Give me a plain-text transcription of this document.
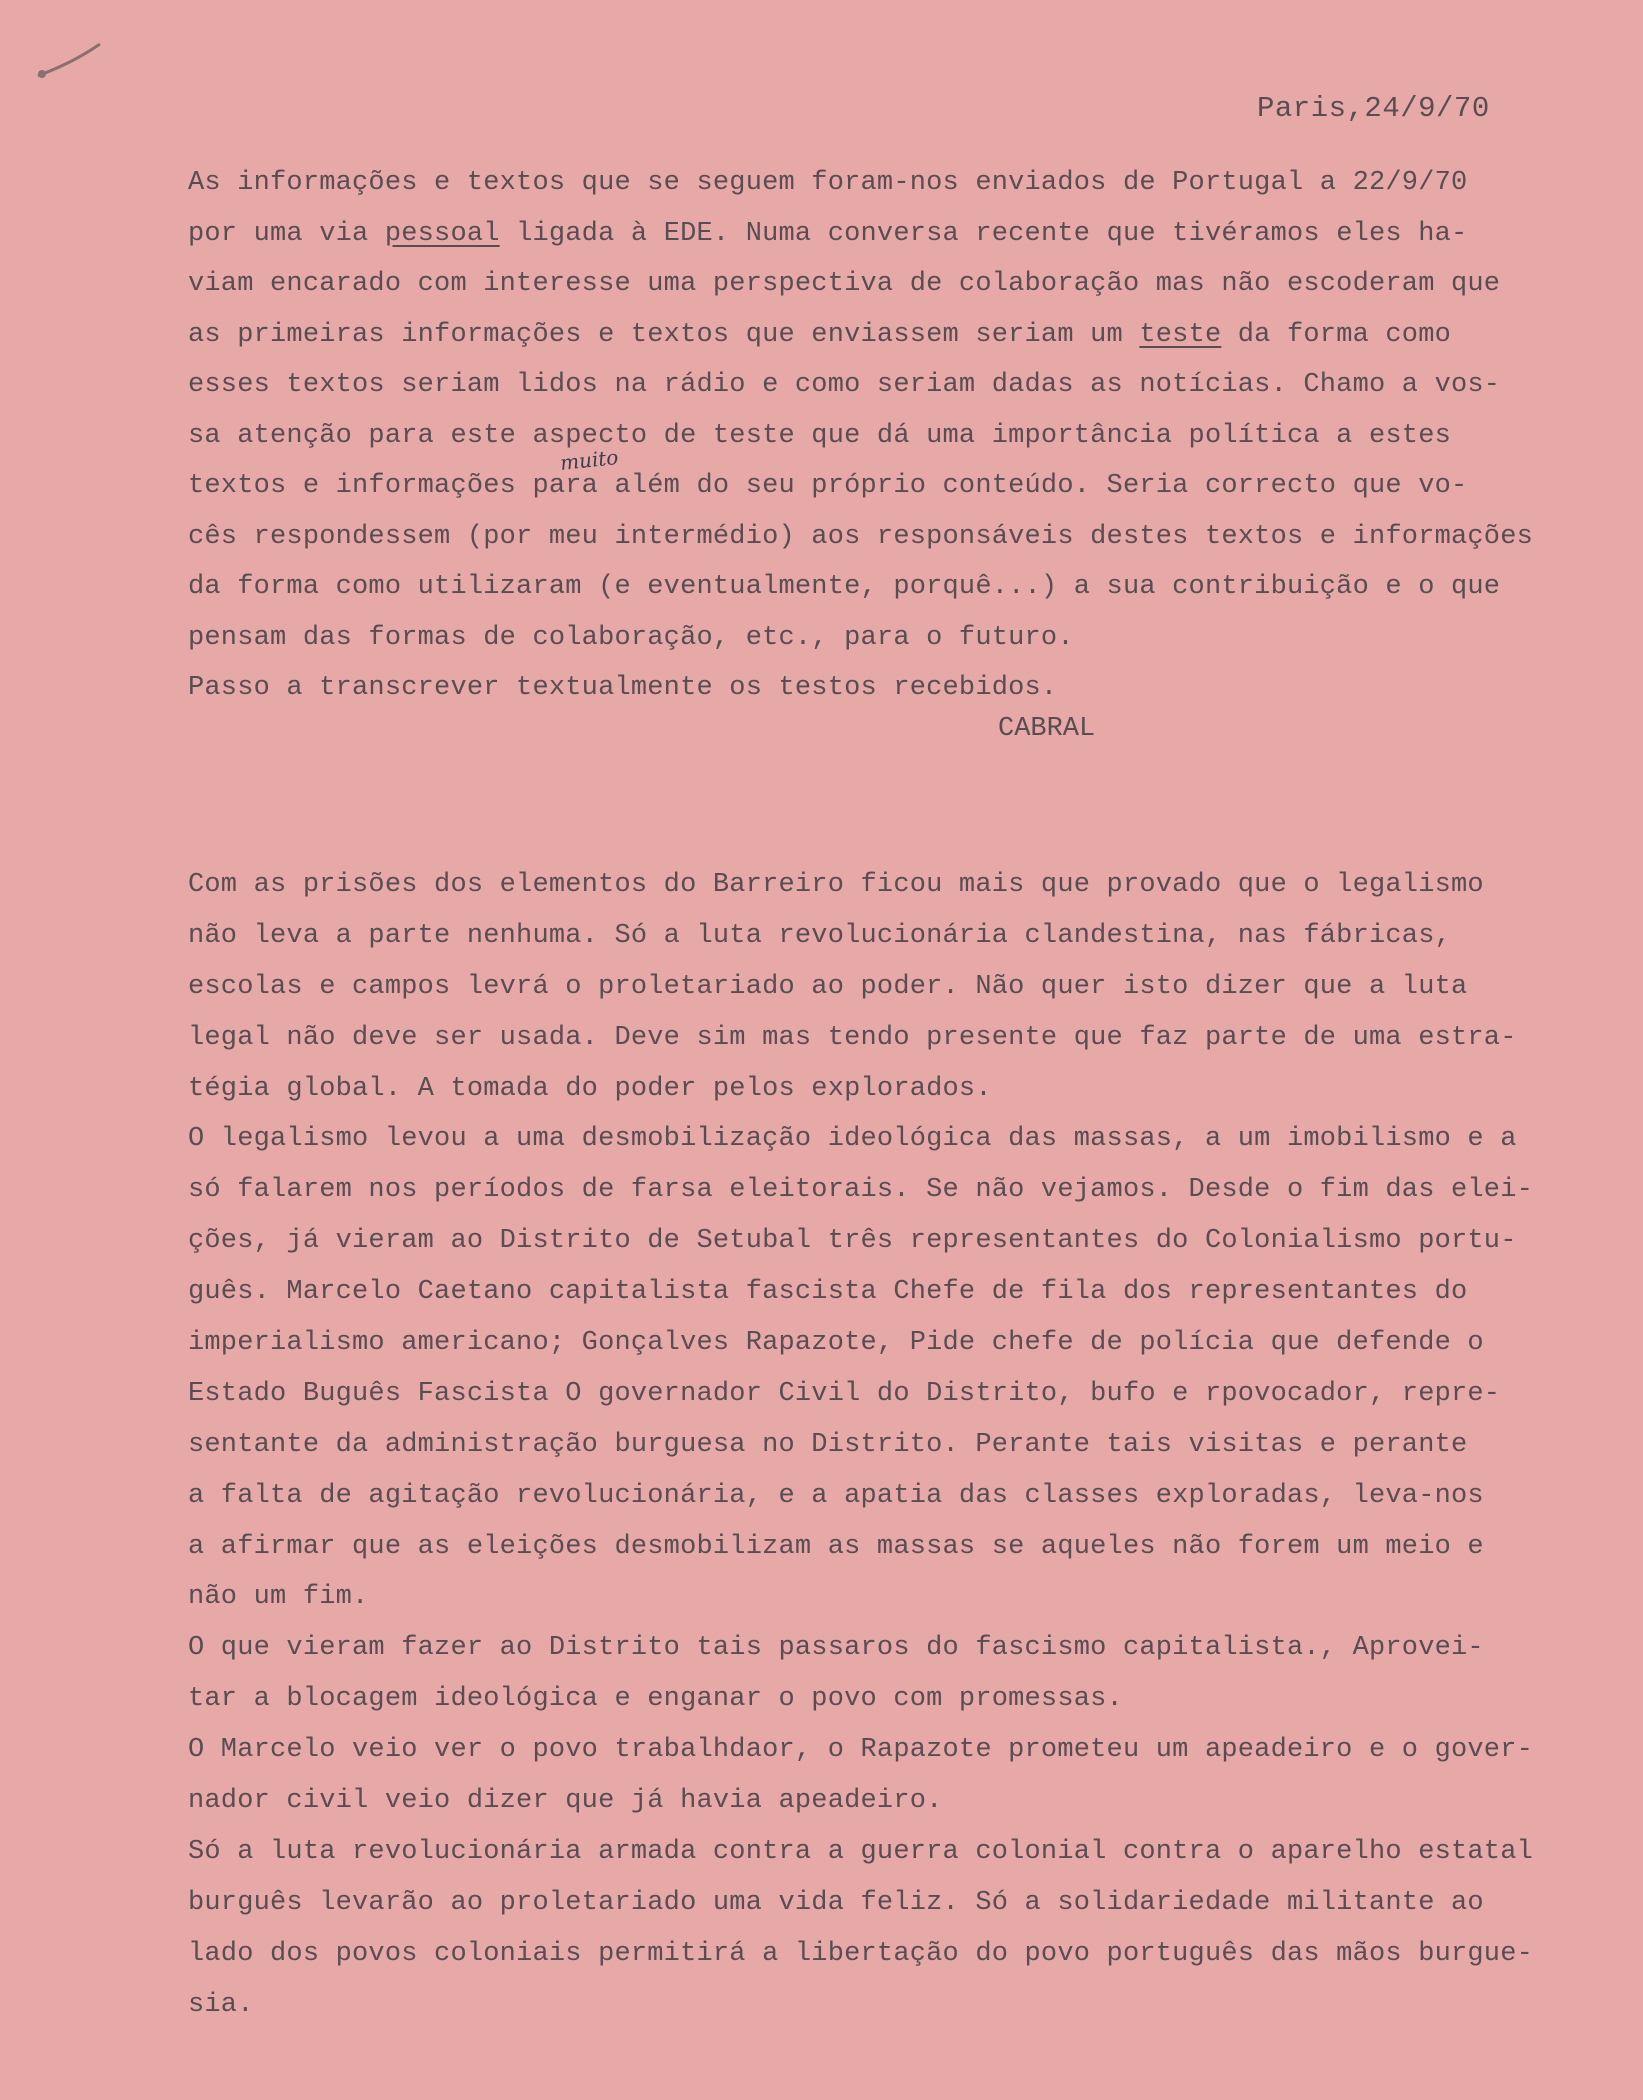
Paris,24/9/70
As informações e textos que se seguem foram-nos enviados de Portugal a 22/9/70
por uma via pessoal ligada à EDE. Numa conversa recente que tivéramos eles ha-
viam encarado com interesse uma perspectiva de colaboração mas não escoderam que
as primeiras informações e textos que enviassem seriam um teste da forma como
esses textos seriam lidos na rádio e como seriam dadas as notícias. Chamo a vos-
sa atenção para este aspecto de teste que dá uma importância política a estes
textos e informações para além do seu próprio conteúdo. Seria correcto que vo-
cês respondessem (por meu intermédio) aos responsáveis destes textos e informações
da forma como utilizaram (e eventualmente, porquê...) a sua contribuição e o que
pensam das formas de colaboração, etc., para o futuro.
Passo a transcrever textualmente os testos recebidos.
muito
CABRAL
Com as prisões dos elementos do Barreiro ficou mais que provado que o legalismo
não leva a parte nenhuma. Só a luta revolucionária clandestina, nas fábricas,
escolas e campos levrá o proletariado ao poder. Não quer isto dizer que a luta
legal não deve ser usada. Deve sim mas tendo presente que faz parte de uma estra-
tégia global. A tomada do poder pelos explorados.
O legalismo levou a uma desmobilização ideológica das massas, a um imobilismo e a
só falarem nos períodos de farsa eleitorais. Se não vejamos. Desde o fim das elei-
ções, já vieram ao Distrito de Setubal três representantes do Colonialismo portu-
guês. Marcelo Caetano capitalista fascista Chefe de fila dos representantes do
imperialismo americano; Gonçalves Rapazote, Pide chefe de polícia que defende o
Estado Buguês Fascista O governador Civil do Distrito, bufo e rpovocador, repre-
sentante da administração burguesa no Distrito. Perante tais visitas e perante
a falta de agitação revolucionária, e a apatia das classes exploradas, leva-nos
a afirmar que as eleições desmobilizam as massas se aqueles não forem um meio e
não um fim.
O que vieram fazer ao Distrito tais passaros do fascismo capitalista., Aprovei-
tar a blocagem ideológica e enganar o povo com promessas.
O Marcelo veio ver o povo trabalhdaor, o Rapazote prometeu um apeadeiro e o gover-
nador civil veio dizer que já havia apeadeiro.
Só a luta revolucionária armada contra a guerra colonial contra o aparelho estatal
burguês levarão ao proletariado uma vida feliz. Só a solidariedade militante ao
lado dos povos coloniais permitirá a libertação do povo português das mãos burgue-
sia.
